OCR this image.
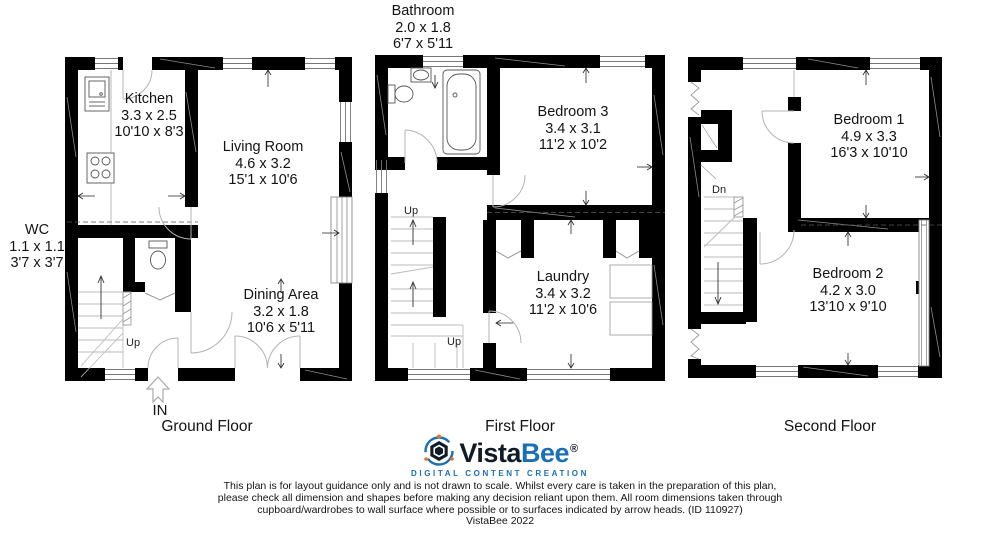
Kitchen
3.3 x 2.5
10'10 x 8'3
Living Room
4.6 x 3.2
15'1 x 10'6
WC
1.1 x 1.1
3'7 x 3'7
Dining Area
3.2 x 1.8
10'6 x 5'11
Bathroom
2.0 x 1.8
6'7 x 5'11
Bedroom 3
3.4 x 3.1
11'2 x 10'2
Laundry
3.4 x 3.2
11'2 x 10'6
Bedroom 1
4.9 x 3.3
16'3 x 10'10
Bedroom 2
4.2 x 3.0
13'10 x 9'10
Up
IN
Up
Up
Dn
Ground Floor	First Floor	Second Floor
VistaBee®
DIGITAL CONTENT CREATION
This plan is for layout guidance only and is not drawn to scale. Whilst every care is taken in the preparation of this plan,
please check all dimension and shapes before making any decision reliant upon them. All room dimensions taken through
cupboard/wardrobes to wall surface where possible or to surfaces indicated by arrow heads. (ID 110927)
VistaBee 2022
